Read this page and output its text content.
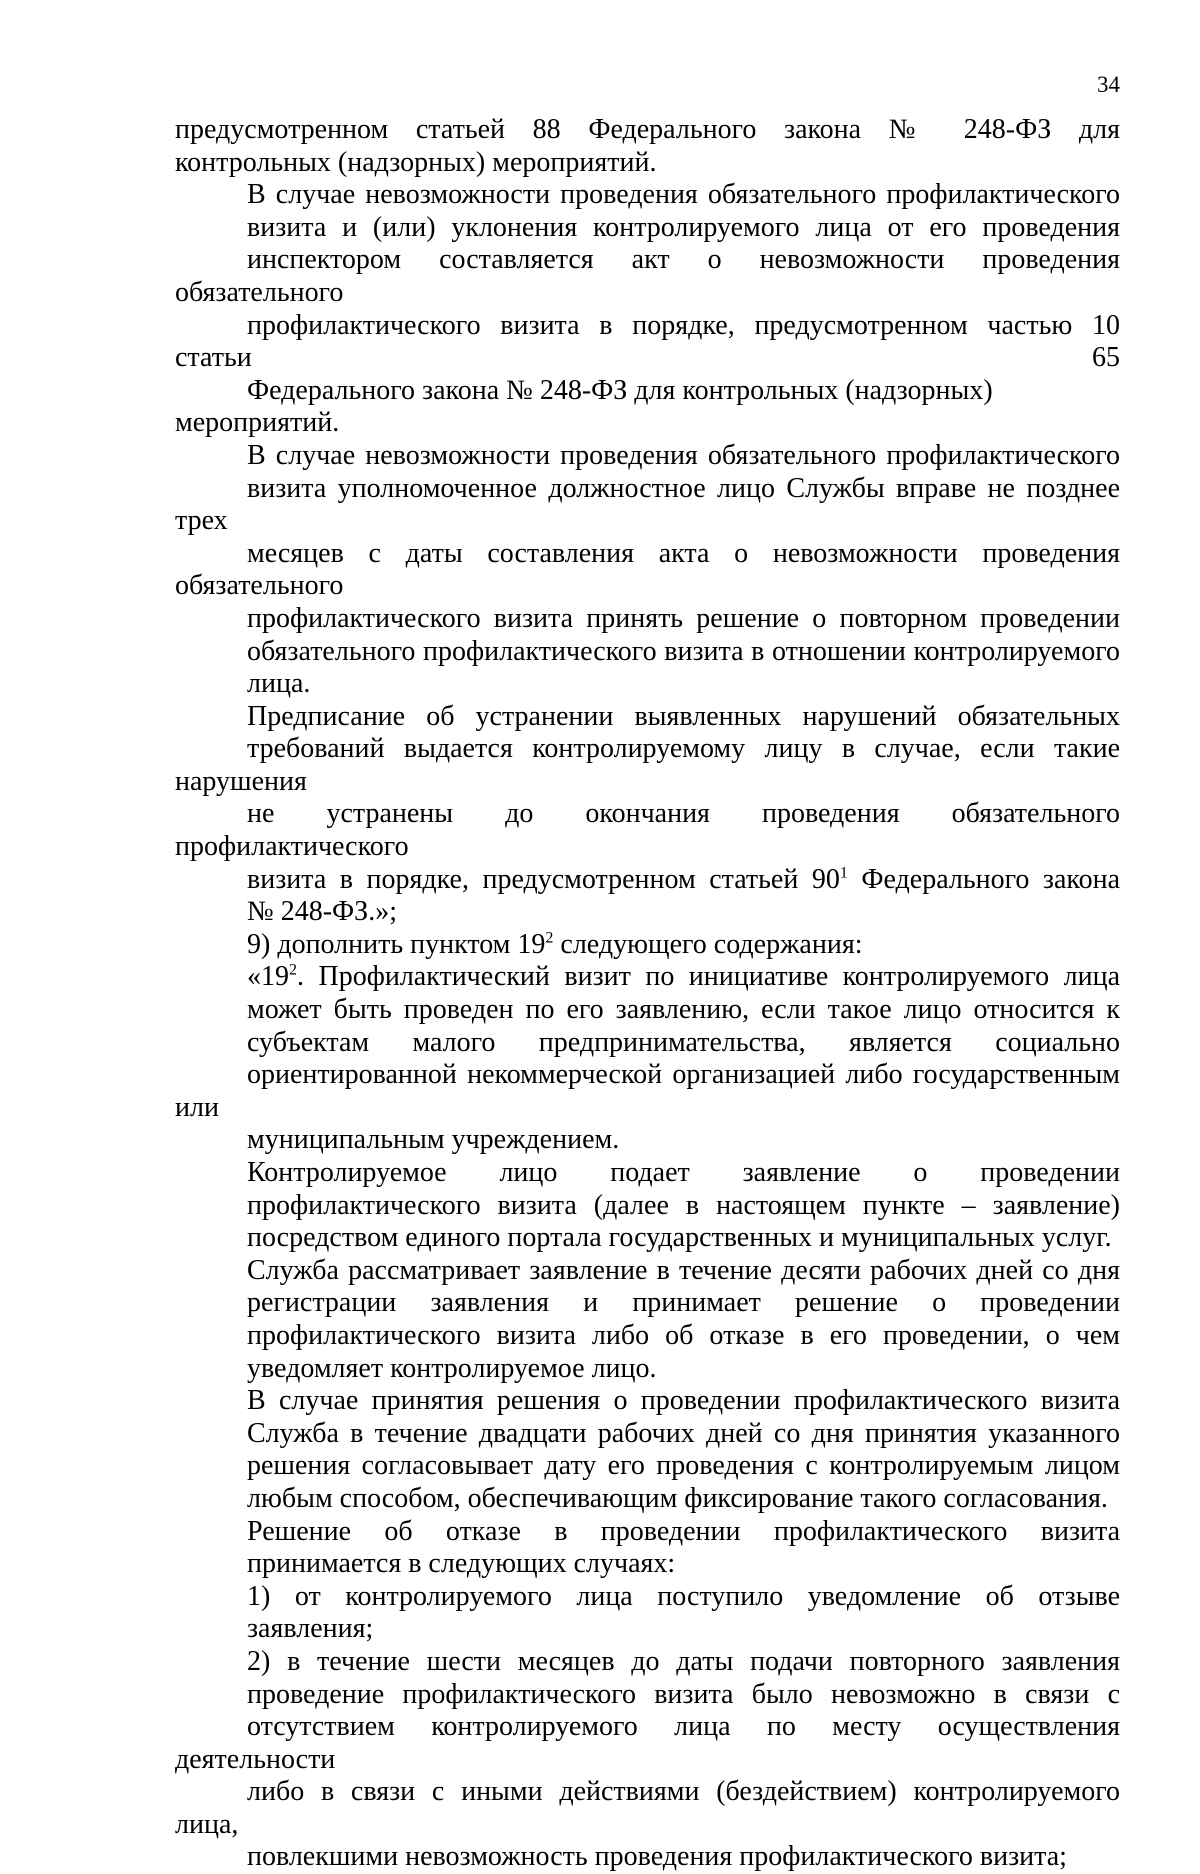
34

предусмотренном статьей 88 Федерального закона № 248-ФЗ для
контрольных (надзорных) мероприятий.

В случае невозможности проведения обязательного профилактического
визита и (или) уклонения контролируемого лица от его проведения
инспектором составляется акт о невозможности проведения обязательного
профилактического визита в порядке, предусмотренном частью 10 статьи 65
Федерального закона № 248-ФЗ для контрольных (надзорных) мероприятий.

В случае невозможности проведения обязательного профилактического
визита уполномоченное должностное лицо Службы вправе не позднее трех
месяцев с даты составления акта о невозможности проведения обязательного
профилактического визита принять решение о повторном проведении
обязательного профилактического визита в отношении контролируемого
лица.

Предписание об устранении выявленных нарушений обязательных
требований выдается контролируемому лицу в случае, если такие нарушения
не устранены до окончания проведения обязательного профилактического
визита в порядке, предусмотренном статьей $90^1$ Федерального закона
№ 248-ФЗ.»;

9) дополнить пунктом $19^2$ следующего содержания:

«$19^2$. Профилактический визит по инициативе контролируемого лица
может быть проведен по его заявлению, если такое лицо относится к
субъектам малого предпринимательства, является социально
ориентированной некоммерческой организацией либо государственным или
муниципальным учреждением.

Контролируемое лицо подает заявление о проведении
профилактического визита (далее в настоящем пункте – заявление)
посредством единого портала государственных и муниципальных услуг.

Служба рассматривает заявление в течение десяти рабочих дней со дня
регистрации заявления и принимает решение о проведении
профилактического визита либо об отказе в его проведении, о чем
уведомляет контролируемое лицо.

В случае принятия решения о проведении профилактического визита
Служба в течение двадцати рабочих дней со дня принятия указанного
решения согласовывает дату его проведения с контролируемым лицом
любым способом, обеспечивающим фиксирование такого согласования.

Решение об отказе в проведении профилактического визита
принимается в следующих случаях:

1) от контролируемого лица поступило уведомление об отзыве
заявления;

2) в течение шести месяцев до даты подачи повторного заявления
проведение профилактического визита было невозможно в связи с
отсутствием контролируемого лица по месту осуществления деятельности
либо в связи с иными действиями (бездействием) контролируемого лица,
повлекшими невозможность проведения профилактического визита;
